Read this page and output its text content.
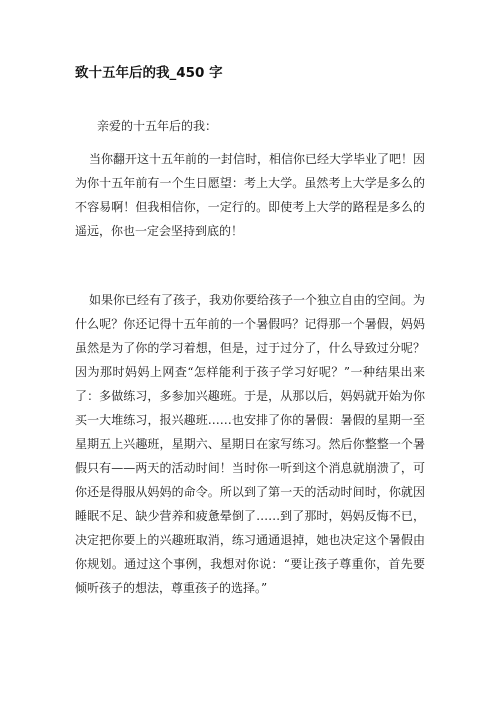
致十五年后的我_450 字

亲爱的十五年后的我：

当你翻开这十五年前的一封信时，相信你已经大学毕业了吧！因为你十五年前有一个生日愿望：考上大学。虽然考上大学是多么的不容易啊！但我相信你，一定行的。即使考上大学的路程是多么的遥远，你也一定会坚持到底的！

如果你已经有了孩子，我劝你要给孩子一个独立自由的空间。为什么呢？你还记得十五年前的一个暑假吗？记得那一个暑假，妈妈虽然是为了你的学习着想，但是，过于过分了，什么导致过分呢？因为那时妈妈上网查“怎样能利于孩子学习好呢？”一种结果出来了：多做练习，多参加兴趣班。于是，从那以后，妈妈就开始为你买一大堆练习，报兴趣班……也安排了你的暑假：暑假的星期一至星期五上兴趣班，星期六、星期日在家写练习。然后你整整一个暑假只有——两天的活动时间！当时你一听到这个消息就崩溃了，可你还是得服从妈妈的命令。所以到了第一天的活动时间时，你就因睡眠不足、缺少营养和疲惫晕倒了……到了那时，妈妈反悔不已，决定把你要上的兴趣班取消，练习通通退掉，她也决定这个暑假由你规划。通过这个事例，我想对你说：“要让孩子尊重你，首先要倾听孩子的想法，尊重孩子的选择。”
